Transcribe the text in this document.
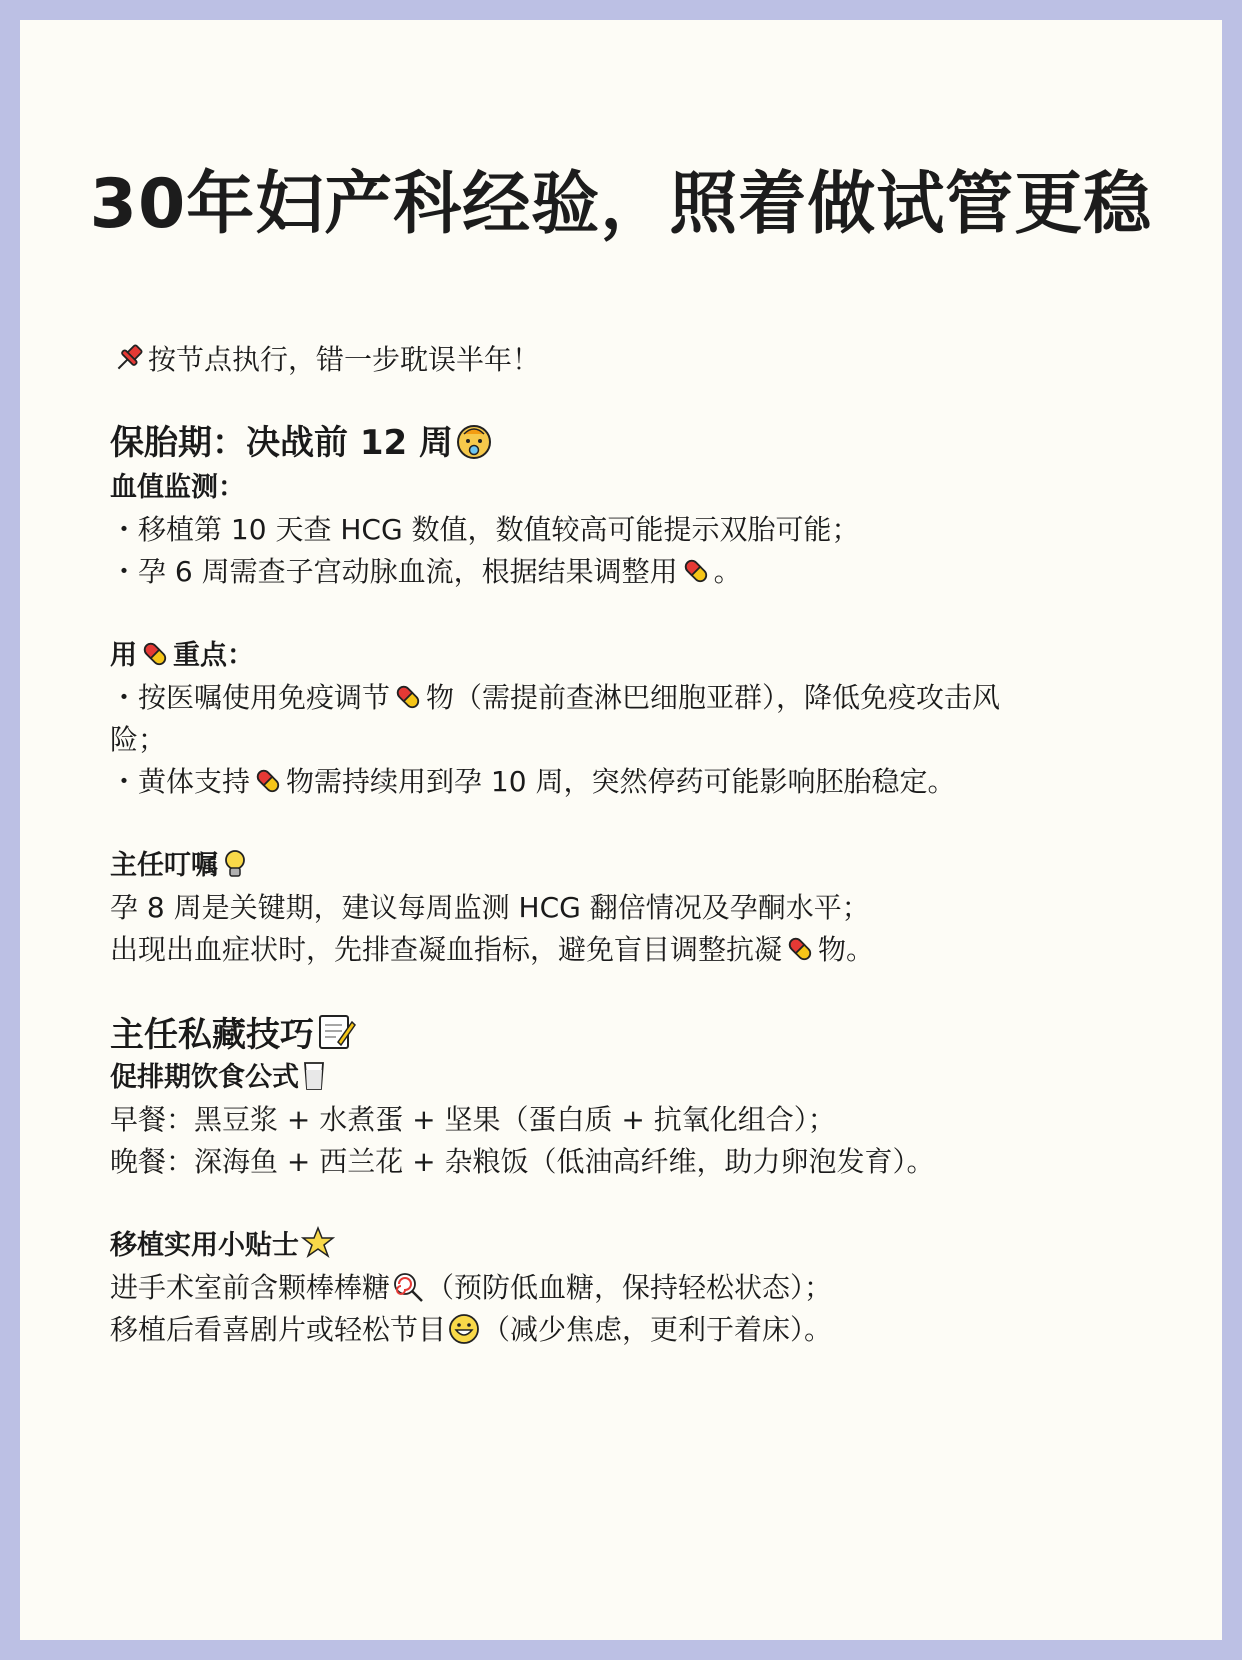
30年妇产科经验，照着做试管更稳
按节点执行，错一步耽误半年！
保胎期：决战前 12 周
血值监测：
・ 移植第 10 天查 HCG 数值，数值较高可能提示双胎可能；
・ 孕 6 周需查子宫动脉血流，根据结果调整用 。
用 重点：
・ 按医嘱使用免疫调节 物（需提前查淋巴细胞亚群），降低免疫攻击风
险；
・ 黄体支持 物需持续用到孕 10 周，突然停药可能影响胚胎稳定。
主任叮嘱
孕 8 周是关键期，建议每周监测 HCG 翻倍情况及孕酮水平；
出现出血症状时，先排查凝血指标，避免盲目调整抗凝 物。
主任私藏技巧
促排期饮食公式
早餐：黑豆浆 + 水煮蛋 + 坚果（蛋白质 + 抗氧化组合）；
晚餐：深海鱼 + 西兰花 + 杂粮饭（低油高纤维，助力卵泡发育）。
移植实用小贴士
进手术室前含颗棒棒糖 （预防低血糖，保持轻松状态）；
移植后看喜剧片或轻松节目 （减少焦虑，更利于着床）。
